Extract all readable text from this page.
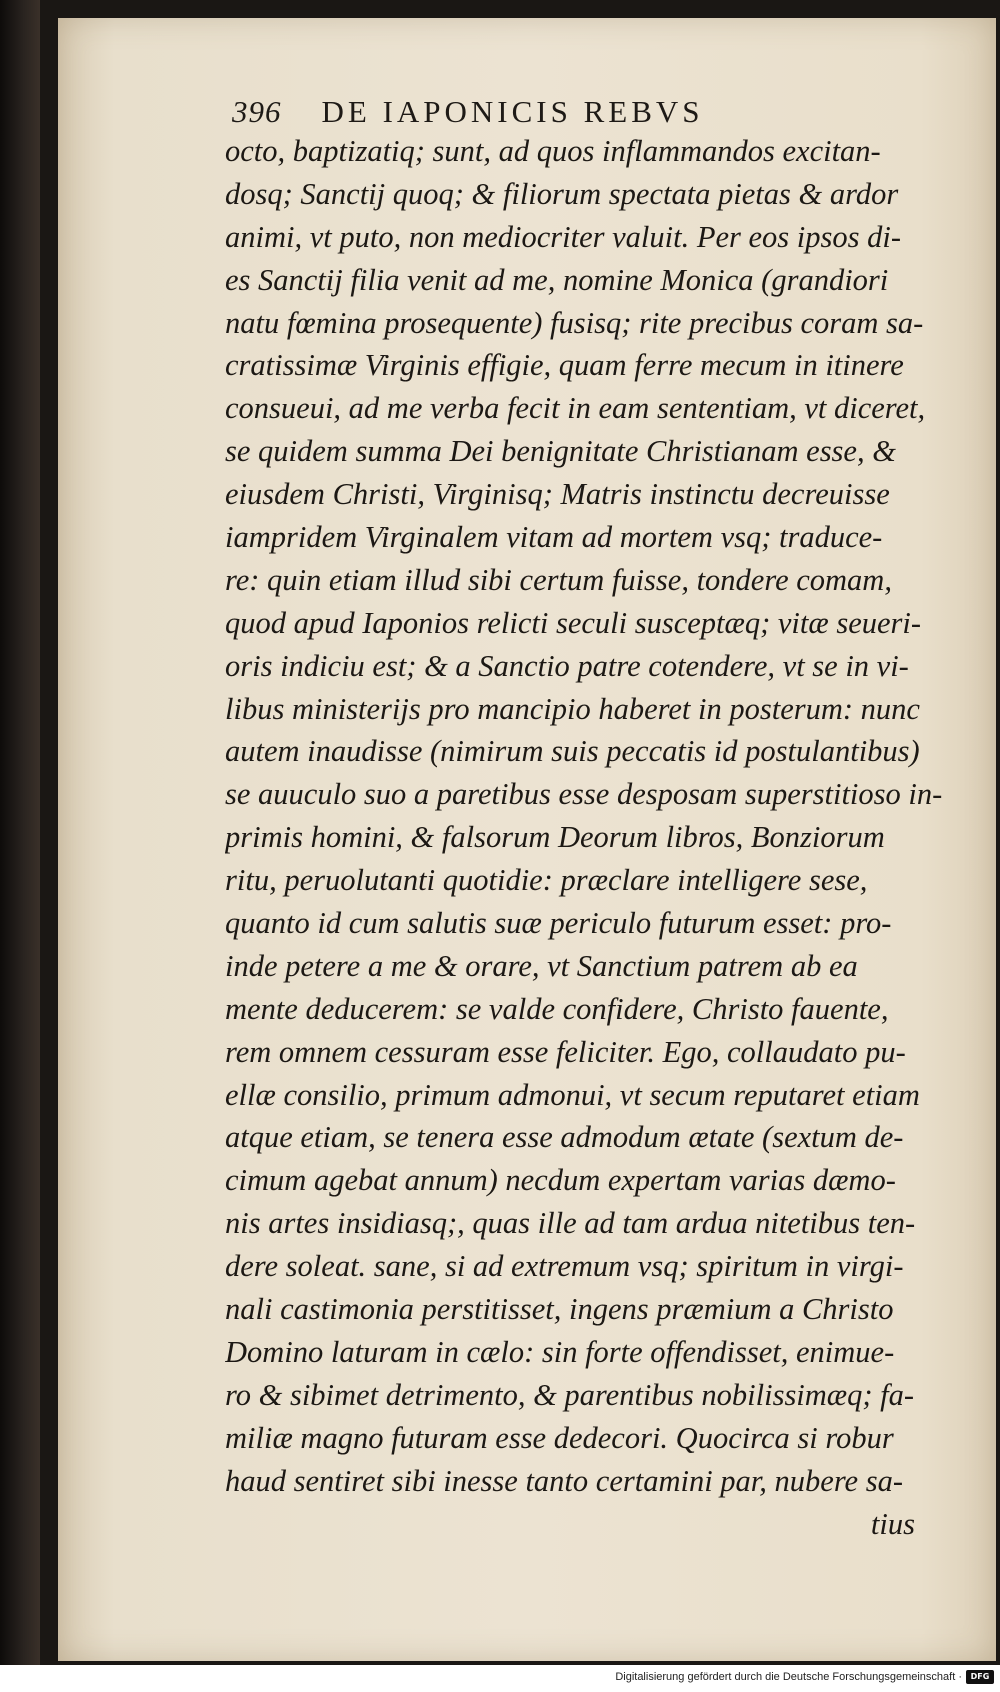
396 DE IAPONICIS REBVS
octo, baptizatiq; sunt, ad quos inflammandos excitan-
dosq; Sanctij quoq; & filiorum spectata pietas & ardor
animi, vt puto, non mediocriter valuit. Per eos ipsos di-
es Sanctij filia venit ad me, nomine Monica (grandiori
natu fœmina prosequente) fusisq; rite precibus coram sa-
cratissimæ Virginis effigie, quam ferre mecum in itinere
consueui, ad me verba fecit in eam sententiam, vt diceret,
se quidem summa Dei benignitate Christianam esse, &
eiusdem Christi, Virginisq; Matris instinctu decreuisse
iampridem Virginalem vitam ad mortem vsq; traduce-
re: quin etiam illud sibi certum fuisse, tondere comam,
quod apud Iaponios relicti seculi susceptæq; vitæ seueri-
oris indiciu est; & a Sanctio patre cotendere, vt se in vi-
libus ministerijs pro mancipio haberet in posterum: nunc
autem inaudisse (nimirum suis peccatis id postulantibus)
se auuculo suo a paretibus esse desposam superstitioso in-
primis homini, & falsorum Deorum libros, Bonziorum
ritu, peruolutanti quotidie: præclare intelligere sese,
quanto id cum salutis suæ periculo futurum esset: pro-
inde petere a me & orare, vt Sanctium patrem ab ea
mente deducerem: se valde confidere, Christo fauente,
rem omnem cessuram esse feliciter. Ego, collaudato pu-
ellæ consilio, primum admonui, vt secum reputaret etiam
atque etiam, se tenera esse admodum ætate (sextum de-
cimum agebat annum) necdum expertam varias dæmo-
nis artes insidiasq;, quas ille ad tam ardua nitetibus ten-
dere soleat. sane, si ad extremum vsq; spiritum in virgi-
nali castimonia perstitisset, ingens præmium a Christo
Domino laturam in cælo: sin forte offendisset, enimue-
ro & sibimet detrimento, & parentibus nobilissimæq; fa-
miliæ magno futuram esse dedecori. Quocirca si robur
haud sentiret sibi inesse tanto certamini par, nubere sa-
tius
Digitalisierung gefördert durch die Deutsche Forschungsgemeinschaft ·	DFG
